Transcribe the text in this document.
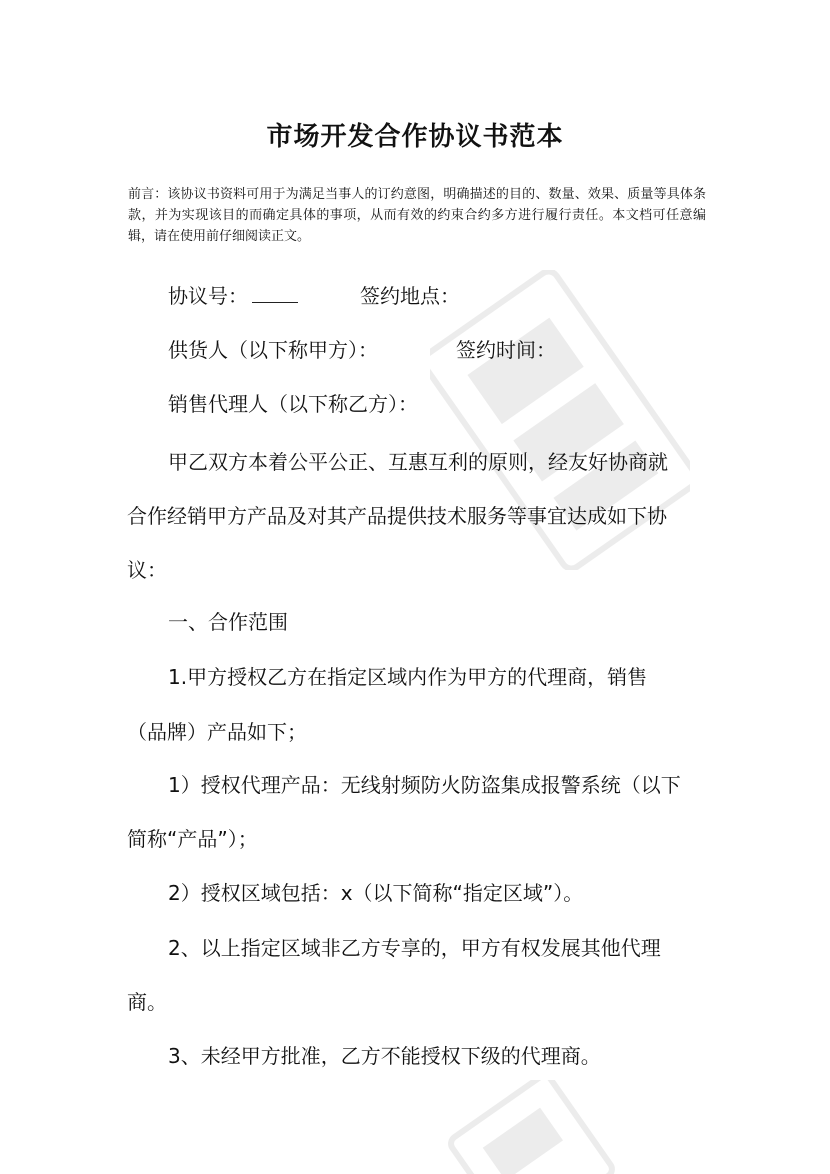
市场开发合作协议书范本

前言：该协议书资料可用于为满足当事人的订约意图，明确描述的目的、数量、效果、质量等具体条款，并为实现该目的而确定具体的事项，从而有效的约束合约多方进行履行责任。本文档可任意编辑，请在使用前仔细阅读正文。

协议号：	签约地点：

供货人（以下称甲方）：	签约时间：

销售代理人（以下称乙方）：

甲乙双方本着公平公正、互惠互利的原则，经友好协商就

合作经销甲方产品及对其产品提供技术服务等事宜达成如下协

议：

一、合作范围

1.甲方授权乙方在指定区域内作为甲方的代理商，销售

（品牌）产品如下；

1）授权代理产品：无线射频防火防盗集成报警系统（以下

简称“产品”）；

2）授权区域包括：x（以下简称“指定区域”）。

2、以上指定区域非乙方专享的，甲方有权发展其他代理

商。

3、未经甲方批准，乙方不能授权下级的代理商。
